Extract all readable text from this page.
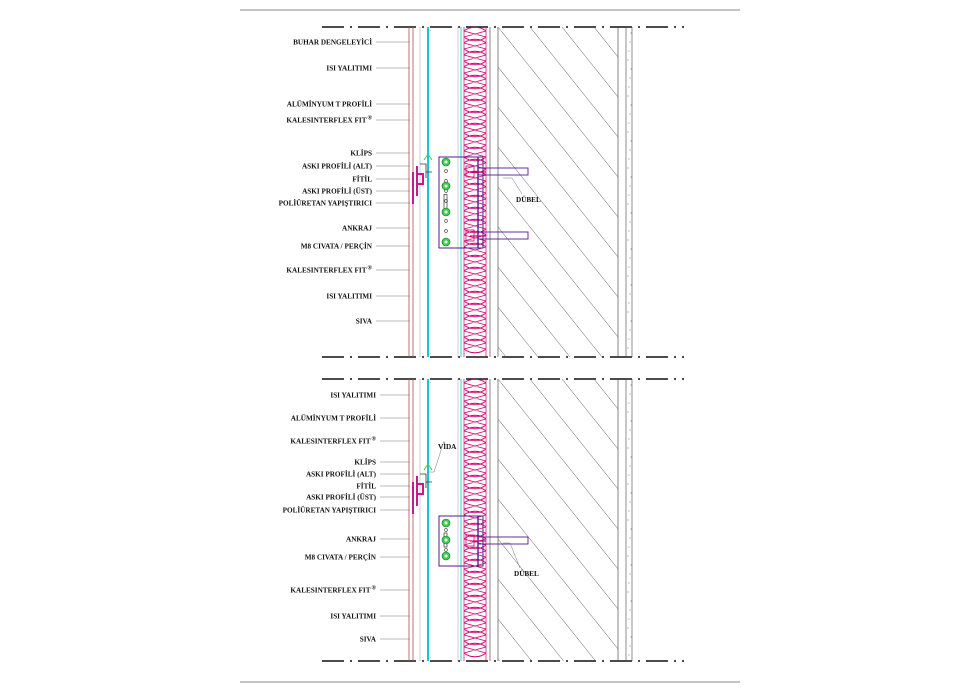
BUHAR DENGELEYİCİ
ISI YALITIMI
ALÜMİNYUM T PROFİLİ
KALESINTERFLEX FIT®
KLİPS
ASKI PROFİLİ (ALT)
FİTİL
ASKI PROFİLİ (ÜST)
POLİÜRETAN YAPIŞTIRICI
ANKRAJ
M8 CIVATA / PERÇİN
KALESINTERFLEX FIT®
ISI YALITIMI
SIVA
DÜBEL
ISI YALITIMI
ALÜMİNYUM T PROFİLİ
KALESINTERFLEX FIT®
KLİPS
ASKI PROFİLİ (ALT)
FİTİL
ASKI PROFİLİ (ÜST)
POLİÜRETAN YAPIŞTIRICI
ANKRAJ
M8 CIVATA / PERÇİN
KALESINTERFLEX FIT®
ISI YALITIMI
SIVA
VİDA
DÜBEL
